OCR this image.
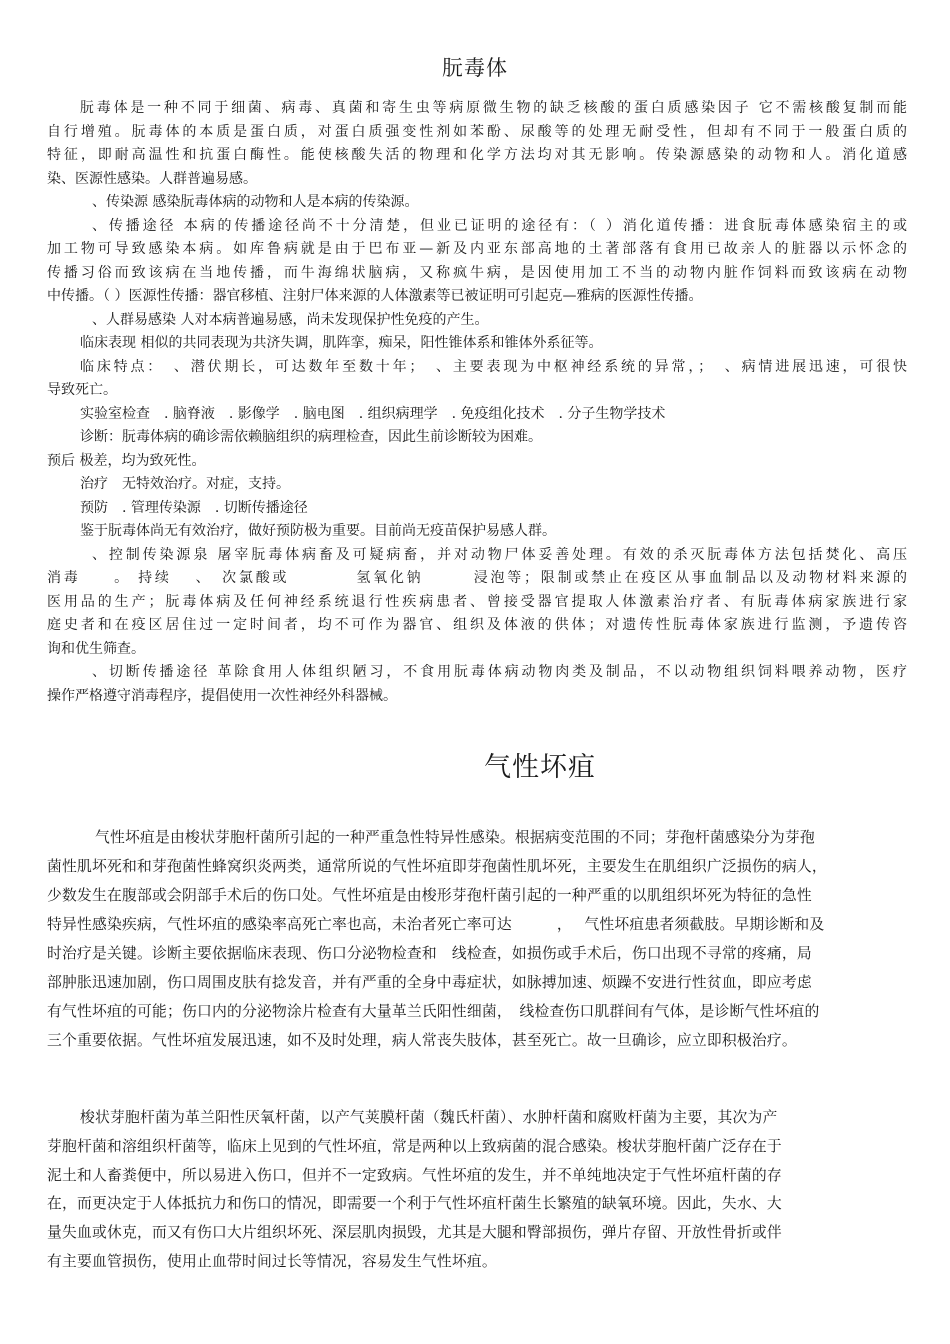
朊毒体
朊毒体是一种不同于细菌、病毒、真菌和寄生虫等病原微生物的缺乏核酸的蛋白质感染因子 它不需核酸复制而能
自行增殖。朊毒体的本质是蛋白质，对蛋白质强变性剂如苯酚、尿酸等的处理无耐受性，但却有不同于一般蛋白质的
特征，即耐高温性和抗蛋白酶性。能使核酸失活的物理和化学方法均对其无影响。传染源感染的动物和人。消化道感
染、医源性感染。人群普遍易感。
、传染源 感染朊毒体病的动物和人是本病的传染源。
、传播途径 本病的传播途径尚不十分清楚，但业已证明的途径有：（ ）消化道传播：进食朊毒体感染宿主的或
加工物可导致感染本病。如库鲁病就是由于巴布亚—新及内亚东部高地的土著部落有食用已故亲人的脏器以示怀念的
传播习俗而致该病在当地传播，而牛海绵状脑病，又称疯牛病，是因使用加工不当的动物内脏作饲料而致该病在动物
中传播。（ ）医源性传播：器官移植、注射尸体来源的人体激素等已被证明可引起克—雅病的医源性传播。
、人群易感染 人对本病普遍易感，尚未发现保护性免疫的产生。
临床表现 相似的共同表现为共济失调，肌阵挛，痴呆，阳性锥体系和锥体外系征等。
临床特点：　、潜伏期长，可达数年至数十年；　、主要表现为中枢神经系统的异常，；　、病情进展迅速，可很快
导致死亡。
实验室检查　. 脑脊液　. 影像学　. 脑电图　. 组织病理学　. 免疫组化技术　. 分子生物学技术
诊断：朊毒体病的确诊需依赖脑组织的病理检查，因此生前诊断较为困难。
预后 极差，均为致死性。
治疗　无特效治疗。对症，支持。
预防　. 管理传染源　. 切断传播途径
鉴于朊毒体尚无有效治疗，做好预防极为重要。目前尚无疫苗保护易感人群。
、控制传染源泉 屠宰朊毒体病畜及可疑病畜，并对动物尸体妥善处理。有效的杀灭朊毒体方法包括焚化、高压
消毒　　。 持续　 、　次氯酸或　　　　氢氧化钠　　　浸泡等；限制或禁止在疫区从事血制品以及动物材料来源的
医用品的生产；朊毒体病及任何神经系统退行性疾病患者、曾接受器官提取人体激素治疗者、有朊毒体病家族进行家
庭史者和在疫区居住过一定时间者，均不可作为器官、组织及体液的供体；对遗传性朊毒体家族进行监测，予遗传咨
询和优生筛查。
、切断传播途径 革除食用人体组织陋习，不食用朊毒体病动物肉类及制品，不以动物组织饲料喂养动物，医疗
操作严格遵守消毒程序，提倡使用一次性神经外科器械。
气性坏疽
气性坏疽是由梭状芽胞杆菌所引起的一种严重急性特异性感染。根据病变范围的不同；芽孢杆菌感染分为芽孢
菌性肌坏死和和芽孢菌性蜂窝织炎两类，通常所说的气性坏疽即芽孢菌性肌坏死，主要发生在肌组织广泛损伤的病人，
少数发生在腹部或会阴部手术后的伤口处。气性坏疽是由梭形芽孢杆菌引起的一种严重的以肌组织坏死为特征的急性
特异性感染疾病，气性坏疽的感染率高死亡率也高，未治者死亡率可达　　　，　 气性坏疽患者须截肢。早期诊断和及
时治疗是关键。诊断主要依据临床表现、伤口分泌物检查和　线检查，如损伤或手术后，伤口出现不寻常的疼痛，局
部肿胀迅速加剧，伤口周围皮肤有捻发音，并有严重的全身中毒症状，如脉搏加速、烦躁不安进行性贫血，即应考虑
有气性坏疽的可能；伤口内的分泌物涂片检查有大量革兰氏阳性细菌，　线检查伤口肌群间有气体，是诊断气性坏疽的
三个重要依据。气性坏疽发展迅速，如不及时处理，病人常丧失肢体，甚至死亡。故一旦确诊，应立即积极治疗。
梭状芽胞杆菌为革兰阳性厌氧杆菌，以产气荚膜杆菌（魏氏杆菌）、水肿杆菌和腐败杆菌为主要，其次为产
芽胞杆菌和溶组织杆菌等，临床上见到的气性坏疽，常是两种以上致病菌的混合感染。梭状芽胞杆菌广泛存在于
泥土和人畜粪便中，所以易进入伤口，但并不一定致病。气性坏疽的发生，并不单纯地决定于气性坏疽杆菌的存
在，而更决定于人体抵抗力和伤口的情况，即需要一个利于气性坏疽杆菌生长繁殖的缺氧环境。因此，失水、大
量失血或休克，而又有伤口大片组织坏死、深层肌肉损毁，尤其是大腿和臀部损伤，弹片存留、开放性骨折或伴
有主要血管损伤，使用止血带时间过长等情况，容易发生气性坏疽。
